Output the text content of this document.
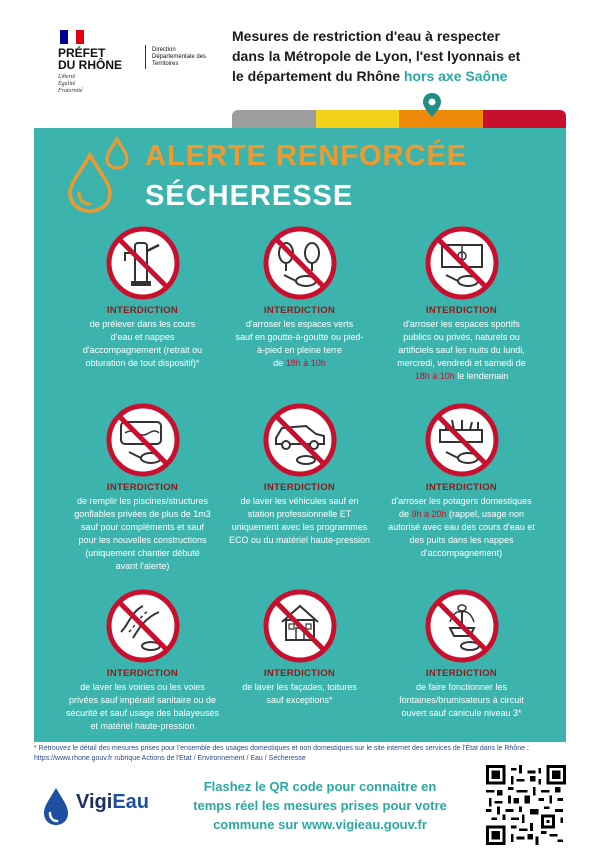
PRÉFET
DU RHÔNE
Liberté
Égalité
Fraternité
Direction
Départementale des
Territoires
Mesures de restriction d'eau à respecter
dans la Métropole de Lyon, l'est lyonnais et
le département du Rhône hors axe Saône
ALERTE RENFORCÉE
SÉCHERESSE
INTERDICTION
de prélever dans les cours
d'eau et nappes
d'accompagnement (retrait ou
obturation de tout dispositif)*
INTERDICTION
d'arroser les espaces verts
sauf en goutte-à-goutte ou pied-
à-pied en pleine terre
de 18h à 10h
INTERDICTION
d'arroser les espaces sportifs
publics ou privés, naturels ou
artificiels sauf les nuits du lundi,
mercredi, vendredi et samedi de
18h à 10h le lendemain
INTERDICTION
de remplir les piscines/structures
gonflables privées de plus de 1m3
sauf pour compléments et sauf
pour les nouvelles constructions
(uniquement chantier débuté
avant l'alerte)
INTERDICTION
de laver les véhicules sauf en
station professionnelle ET
uniquement avec les programmes
ECO ou du matériel haute-pression
INTERDICTION
d'arroser les potagers domestiques
de 9h à 20h (rappel, usage non
autorisé avec eau des cours d'eau et
des puits dans les nappes
d'accompagnement)
INTERDICTION
de laver les voiries ou les voies
privées sauf impératif sanitaire ou de
sécurité et sauf usage des balayeuses
et matériel haute-pression
INTERDICTION
de laver les façades, toitures
sauf exceptions*
INTERDICTION
de faire fonctionner les
fontaines/brumisateurs à circuit
ouvert sauf canicule niveau 3*
* Retrouvez le détail des mesures prises pour l'ensemble des usages domestiques et non domestiques sur le site internet des services de l'État dans le Rhône : https://www.rhone.gouv.fr rubrique Actions de l'Etat / Environnement / Eau / Sécheresse
VigiEau
Flashez le QR code pour connaitre en
temps réel les mesures prises pour votre
commune sur www.vigieau.gouv.fr
